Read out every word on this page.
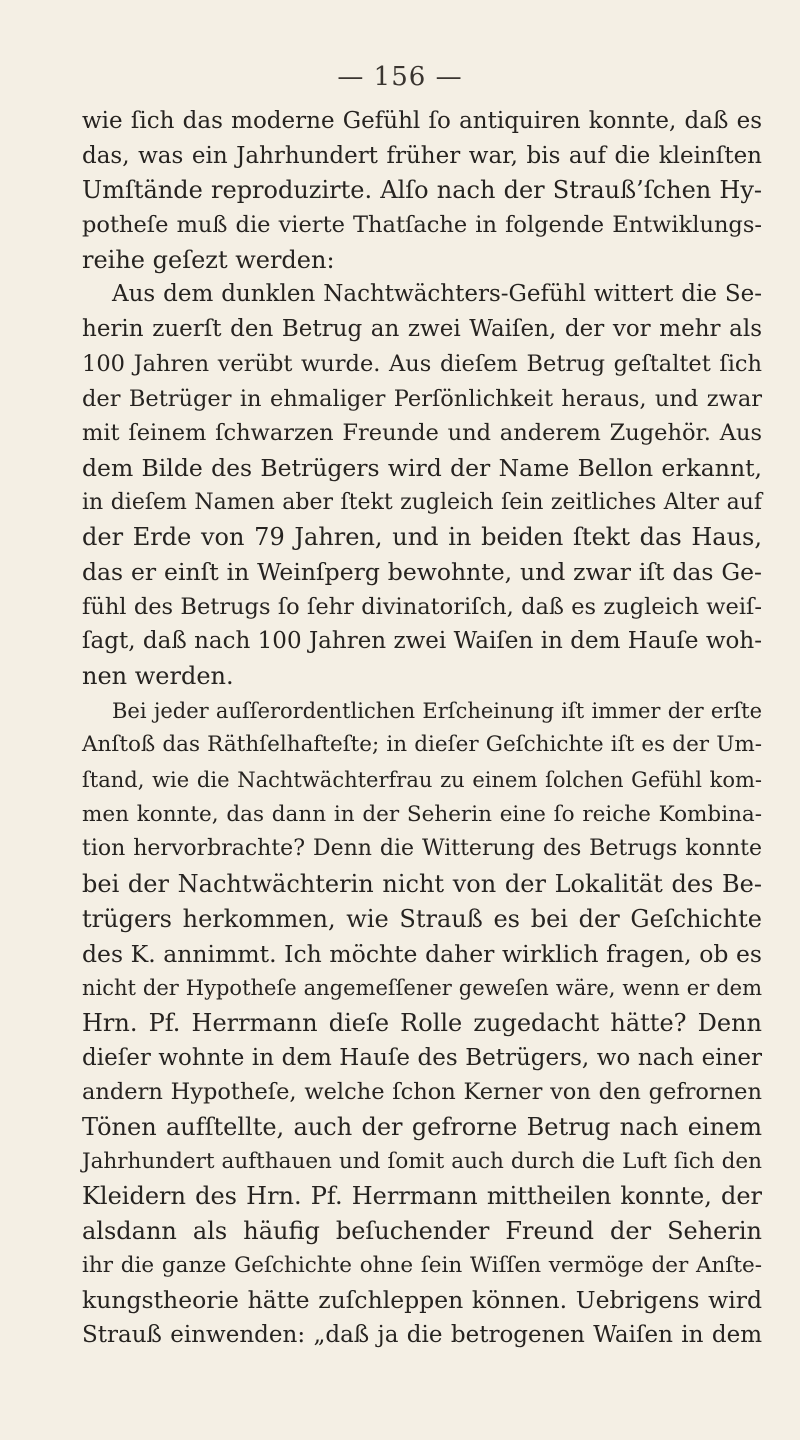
— 156 —
wie ſich das moderne Gefühl ſo antiquiren konnte, daß es
das, was ein Jahrhundert früher war, bis auf die kleinſten
Umſtände reproduzirte. Alſo nach der Strauß’ſchen Hy-
potheſe muß die vierte Thatſache in folgende Entwiklungs-
reihe geſezt werden:
Aus dem dunklen Nachtwächters-Gefühl wittert die Se-
herin zuerſt den Betrug an zwei Waiſen, der vor mehr als
100 Jahren verübt wurde. Aus dieſem Betrug geſtaltet ſich
der Betrüger in ehmaliger Perſönlichkeit heraus, und zwar
mit ſeinem ſchwarzen Freunde und anderem Zugehör. Aus
dem Bilde des Betrügers wird der Name Bellon erkannt,
in dieſem Namen aber ſtekt zugleich ſein zeitliches Alter auf
der Erde von 79 Jahren, und in beiden ſtekt das Haus,
das er einſt in Weinſperg bewohnte, und zwar iſt das Ge-
fühl des Betrugs ſo ſehr divinatoriſch, daß es zugleich weiſ-
ſagt, daß nach 100 Jahren zwei Waiſen in dem Hauſe woh-
nen werden.
Bei jeder auſſerordentlichen Erſcheinung iſt immer der erſte
Anſtoß das Räthſelhafteſte; in dieſer Geſchichte iſt es der Um-
ſtand, wie die Nachtwächterfrau zu einem ſolchen Gefühl kom-
men konnte, das dann in der Seherin eine ſo reiche Kombina-
tion hervorbrachte? Denn die Witterung des Betrugs konnte
bei der Nachtwächterin nicht von der Lokalität des Be-
trügers herkommen, wie Strauß es bei der Geſchichte
des K. annimmt. Ich möchte daher wirklich fragen, ob es
nicht der Hypotheſe angemeſſener geweſen wäre, wenn er dem
Hrn. Pf. Herrmann dieſe Rolle zugedacht hätte? Denn
dieſer wohnte in dem Hauſe des Betrügers, wo nach einer
andern Hypotheſe, welche ſchon Kerner von den gefrornen
Tönen aufſtellte, auch der gefrorne Betrug nach einem
Jahrhundert aufthauen und ſomit auch durch die Luft ſich den
Kleidern des Hrn. Pf. Herrmann mittheilen konnte, der
alsdann als häufig beſuchender Freund der Seherin
ihr die ganze Geſchichte ohne ſein Wiſſen vermöge der Anſte-
kungstheorie hätte zuſchleppen können. Uebrigens wird
Strauß einwenden: „daß ja die betrogenen Waiſen in dem
